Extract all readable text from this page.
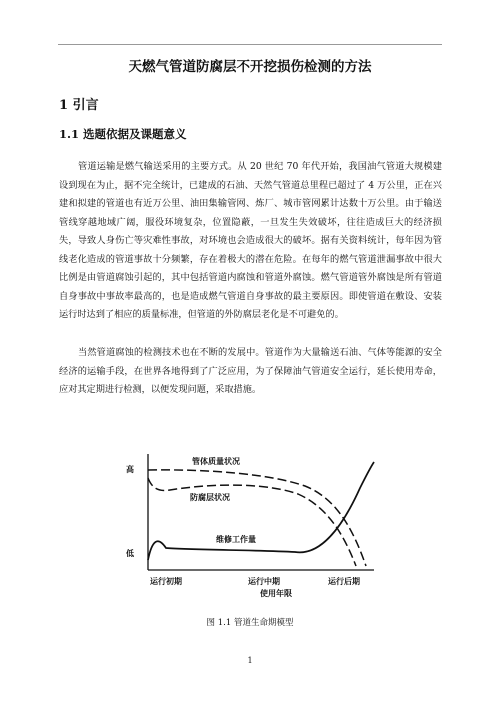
天燃气管道防腐层不开挖损伤检测的方法
1 引言
1.1 选题依据及课题意义

管道运输是燃气输送采用的主要方式。从 20 世纪 70 年代开始，我国油气管道大规模建设到现在为止，据不完全统计，已建成的石油、天然气管道总里程已超过了 4 万公里，正在兴建和拟建的管道也有近万公里、油田集输管网、炼厂、城市管网累计达数十万公里。由于输送管线穿越地域广阔，服役环境复杂，位置隐蔽，一旦发生失效破坏，往往造成巨大的经济损失，导致人身伤亡等灾难性事故，对环境也会造成很大的破坏。据有关资料统计，每年因为管线老化造成的管道事故十分频繁，存在着极大的潜在危险。在每年的燃气管道泄漏事故中很大比例是由管道腐蚀引起的，其中包括管道内腐蚀和管道外腐蚀。燃气管道管外腐蚀是所有管道自身事故中事故率最高的，也是造成燃气管道自身事故的最主要原因。即使管道在敷设、安装运行时达到了相应的质量标准，但管道的外防腐层老化是不可避免的。

当然管道腐蚀的检测技术也在不断的发展中。管道作为大量输送石油、气体等能源的安全经济的运输手段，在世界各地得到了广泛应用，为了保障油气管道安全运行，延长使用寿命，应对其定期进行检测，以便发现问题，采取措施。

高
低
管体质量状况
防腐层状况
维修工作量
运行初期	运行中期	运行后期
使用年限
图 1.1 管道生命期模型
1
